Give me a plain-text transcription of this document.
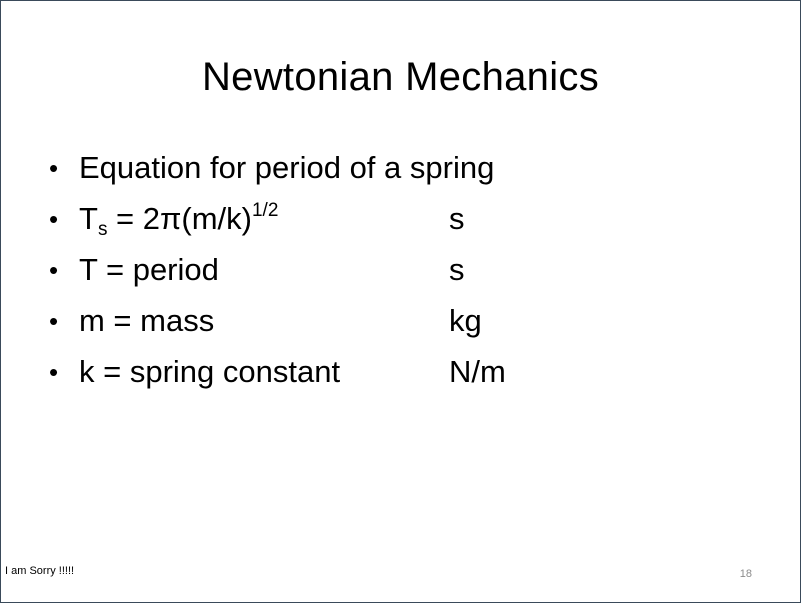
Newtonian Mechanics
• Equation for period of a spring
• $Ts = 2\pi(m/k)^{1/2}$	s
• T = period	s
• m = mass	kg
• k = spring constant	N/m
I am Sorry !!!!!	18
